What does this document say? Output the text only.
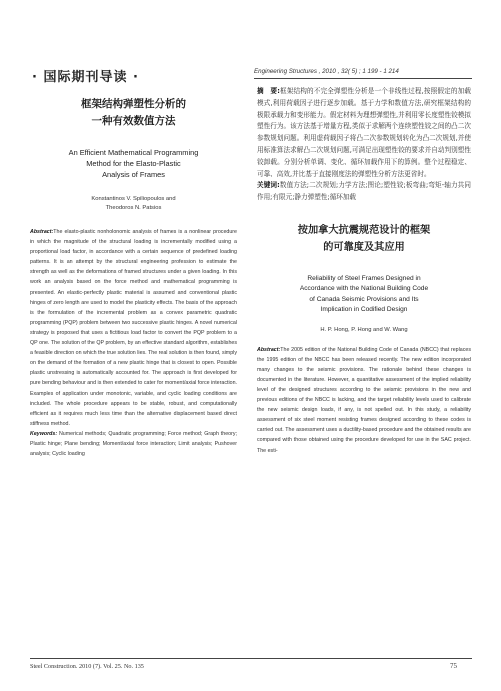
· 国际期刊导读 ·	Engineering Structures , 2010 , 32( 5) ; 1 199 - 1 214
框架结构弹塑性分析的
一种有效数值方法
An Efficient Mathematical Programming
Method for the Elasto-Plastic
Analysis of Frames
Konstantinos V. Spiliopoulos and
Theodoros N. Patsios
Abstract:The elasto-plastic nonholonomic analysis of frames is a nonlinear procedure in which the magnitude of the structural loading is incrementally modified using a proportional load factor, in accordance with a certain sequence of predefined loading patterns. It is an attempt by the structural engineering profession to estimate the strength as well as the deformations of framed structures under a given loading. In this work an analysis based on the force method and mathematical programming is presented. An elastic-perfectly plastic material is assumed and conventional plastic hinges of zero length are used to model the plasticity effects. The basis of the approach is the formulation of the incremental problem as a convex parametric quadratic programming (PQP) problem between two successive plastic hinges. A novel numerical strategy is proposed that uses a fictitious load factor to convert the PQP problem to a QP one. The solution of the QP problem, by an effective standard algorithm, establishes a feasible direction on which the true solution lies. The real solution is then found, simply on the demand of the formation of a new plastic hinge that is closest to open. Possible plastic unstressing is automatically accounted for. The approach is first developed for pure bending behaviour and is then extended to cater for moment/axial force interaction. Examples of application under monotonic, variable, and cyclic loading conditions are included. The whole procedure appears to be stable, robust, and computationally efficient as it requires much less time than the alternative displacement based direct stiffness method.
Keywords: Numerical methods; Quadratic programming; Force method; Graph theory; Plastic hinge; Plane bending; Moment/axial force interaction; Limit analysis; Pushover analysis; Cyclic loading
摘　要:框架结构的不完全弹塑性分析是一个非线性过程,按照假定的加载模式,利用荷载因子进行逐步加载。基于力学和数值方法,研究框架结构的极限承载力和变形能力。假定材料为理想弹塑性,并利用零长度塑性铰模拟塑性行为。该方法基于增量方程,类似于求解两个连续塑性铰之间的凸二次参数规划问题。利用虚荷载因子将凸二次参数规划转化为凸二次规划,并使用标准算法求解凸二次规划问题,可满足出现塑性铰的要求并自动判别塑性铰卸载。分别分析单调、变化、循环加载作用下的算例。整个过程稳定、可靠、高效,并比基于直接刚度法的弹塑性分析方法更省时。
关键词:数值方法;二次规划;力学方法;图论;塑性铰;板弯曲;弯矩-轴力共同作用;有限元;静力弹塑性;循环加载
按加拿大抗震规范设计的框架
的可靠度及其应用
Reliability of Steel Frames Designed in
Accordance with the National Building Code
of Canada Seismic Provisions and Its
Implication in Codified Design
H. P. Hong, P. Hong and W. Wang
Abstract:The 2005 edition of the National Building Code of Canada (NBCC) that replaces the 1995 edition of the NBCC has been released recently. The new edition incorporated many changes to the seismic provisions. The rationale behind these changes is documented in the literature. However, a quantitative assessment of the implied reliability level of the designed structures according to the seismic provisions in the new and previous editions of the NBCC is lacking, and the target reliability levels used to calibrate the new seismic design loads, if any, is not spelled out. In this study, a reliability assessment of six steel moment resisting frames designed according to these codes is carried out. The assessment uses a ductility-based procedure and the obtained results are compared with those obtained using the procedure developed for use in the SAC project. The esti-
Steel Construction. 2010 (7). Vol. 25. No. 135	75
